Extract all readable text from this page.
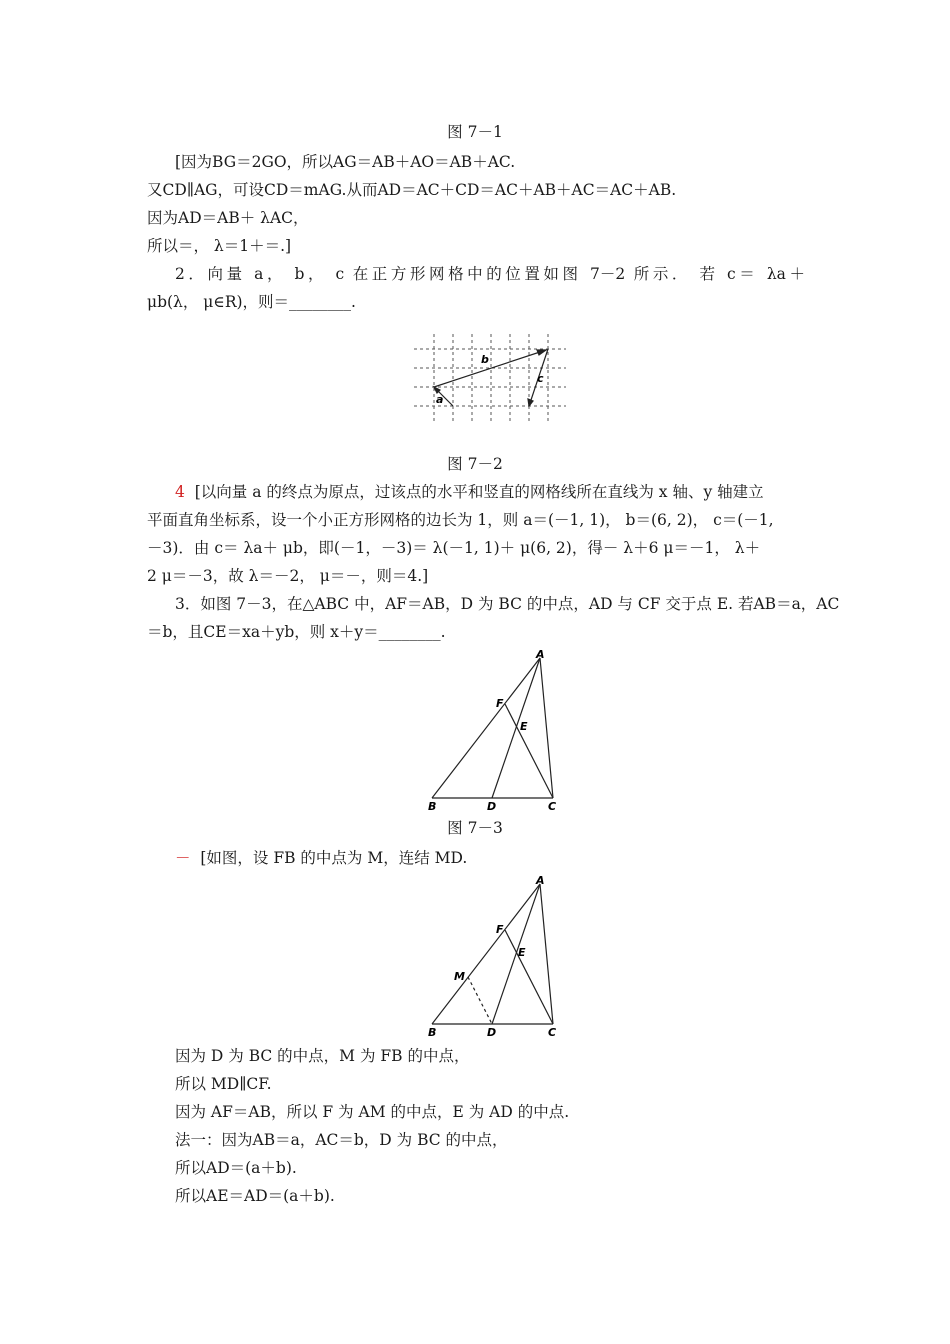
图 7－1
[因为BG＝2GO，所以AG＝AB＋AO＝AB＋AC.
又CD∥AG，可设CD＝mAG.从而AD＝AC＋CD＝AC＋AB＋AC＝AC＋AB.
因为AD＝AB＋ λAC，
所以＝， λ＝1＋＝.]
2．向量 a， b， c 在正方形网格中的位置如图 7－2 所示． 若 c＝ λa＋
μb(λ， μ∈R)，则＝________.
a
b
c
图 7－2
4 [以向量 a 的终点为原点，过该点的水平和竖直的网格线所在直线为 x 轴、y 轴建立
平面直角坐标系，设一个小正方形网格的边长为 1，则 a＝(－1, 1)， b＝(6, 2)， c＝(－1,
－3)．由 c＝ λa＋ μb，即(－1，－3)＝ λ(－1, 1)＋ μ(6, 2)，得－ λ＋6 μ＝－1， λ＋
2 μ＝－3，故 λ＝－2， μ＝－，则＝4.]
3．如图 7－3，在△ABC 中，AF＝AB，D 为 BC 的中点，AD 与 CF 交于点 E. 若AB＝a，AC
＝b，且CE＝xa＋yb，则 x＋y＝________.
A
F
E
B	D	C
图 7－3
－ [如图，设 FB 的中点为 M，连结 MD.
A
F
E
M
B	D	C
因为 D 为 BC 的中点，M 为 FB 的中点，
所以 MD∥CF.
因为 AF＝AB，所以 F 为 AM 的中点，E 为 AD 的中点.
法一：因为AB＝a，AC＝b，D 为 BC 的中点，
所以AD＝(a＋b).
所以AE＝AD＝(a＋b).
